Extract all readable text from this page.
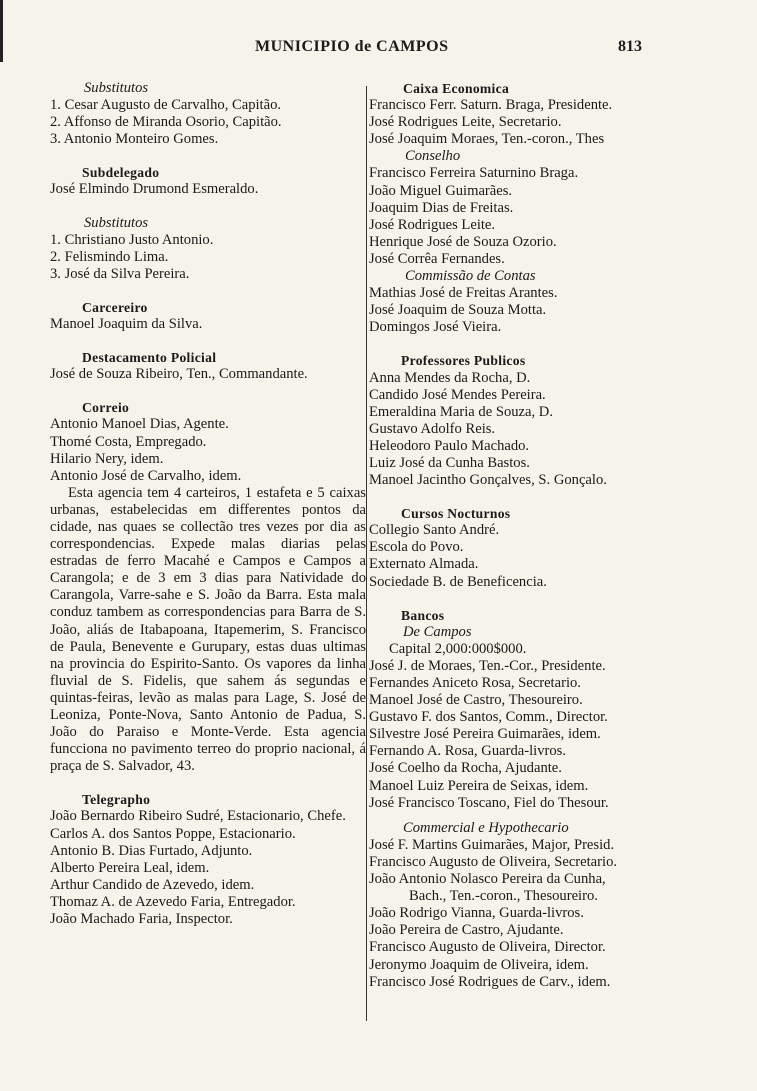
MUNICIPIO de CAMPOS	813
Substitutos
1. Cesar Augusto de Carvalho, Capitão.
2. Affonso de Miranda Osorio, Capitão.
3. Antonio Monteiro Gomes.
Subdelegado
José Elmindo Drumond Esmeraldo.
Substitutos
1. Christiano Justo Antonio.
2. Felismindo Lima.
3. José da Silva Pereira.
Carcereiro
Manoel Joaquim da Silva.
Destacamento Policial
José de Souza Ribeiro, Ten., Commandante.
Correio
Antonio Manoel Dias, Agente.
Thomé Costa, Empregado.
Hilario Nery, idem.
Antonio José de Carvalho, idem.
Esta agencia tem 4 carteiros, 1 estafeta e 5 caixas urbanas, estabelecidas em differentes pontos da cidade, nas quaes se collectão tres vezes por dia as correspondencias. Expede malas diarias pelas estradas de ferro Macahé e Campos e Campos a Carangola; e de 3 em 3 dias para Natividade do Carangola, Varre-sahe e S. João da Barra. Esta mala conduz tambem as correspondencias para Barra de S. João, aliás de Itabapoana, Itapemerim, S. Francisco de Paula, Benevente e Gurupary, estas duas ultimas na provincia do Espirito-Santo. Os vapores da linha fluvial de S. Fidelis, que sahem ás segundas e quintas-feiras, levão as malas para Lage, S. José de Leoniza, Ponte-Nova, Santo Antonio de Padua, S. João do Paraiso e Monte-Verde. Esta agencia funcciona no pavimento terreo do proprio nacional, á praça de S. Salvador, 43.
Telegrapho
João Bernardo Ribeiro Sudré, Estacionario, Chefe.
Carlos A. dos Santos Poppe, Estacionario.
Antonio B. Dias Furtado, Adjunto.
Alberto Pereira Leal, idem.
Arthur Candido de Azevedo, idem.
Thomaz A. de Azevedo Faria, Entregador.
João Machado Faria, Inspector.
Caixa Economica
Francisco Ferr. Saturn. Braga, Presidente.
José Rodrigues Leite, Secretario.
José Joaquim Moraes, Ten.-coron., Thes
Conselho
Francisco Ferreira Saturnino Braga.
João Miguel Guimarães.
Joaquim Dias de Freitas.
José Rodrigues Leite.
Henrique José de Souza Ozorio.
José Corrêa Fernandes.
Commissão de Contas
Mathias José de Freitas Arantes.
José Joaquim de Souza Motta.
Domingos José Vieira.
Professores Publicos
Anna Mendes da Rocha, D.
Candido José Mendes Pereira.
Emeraldina Maria de Souza, D.
Gustavo Adolfo Reis.
Heleodoro Paulo Machado.
Luiz José da Cunha Bastos.
Manoel Jacintho Gonçalves, S. Gonçalo.
Cursos Nocturnos
Collegio Santo André.
Escola do Povo.
Externato Almada.
Sociedade B. de Beneficencia.
Bancos
De Campos
Capital 2,000:000$000.
José J. de Moraes, Ten.-Cor., Presidente.
Fernandes Aniceto Rosa, Secretario.
Manoel José de Castro, Thesoureiro.
Gustavo F. dos Santos, Comm., Director.
Silvestre José Pereira Guimarães, idem.
Fernando A. Rosa, Guarda-livros.
José Coelho da Rocha, Ajudante.
Manoel Luiz Pereira de Seixas, idem.
José Francisco Toscano, Fiel do Thesour.
Commercial e Hypothecario
José F. Martins Guimarães, Major, Presid.
Francisco Augusto de Oliveira, Secretario.
João Antonio Nolasco Pereira da Cunha,
Bach., Ten.-coron., Thesoureiro.
João Rodrigo Vianna, Guarda-livros.
João Pereira de Castro, Ajudante.
Francisco Augusto de Oliveira, Director.
Jeronymo Joaquim de Oliveira, idem.
Francisco José Rodrigues de Carv., idem.
